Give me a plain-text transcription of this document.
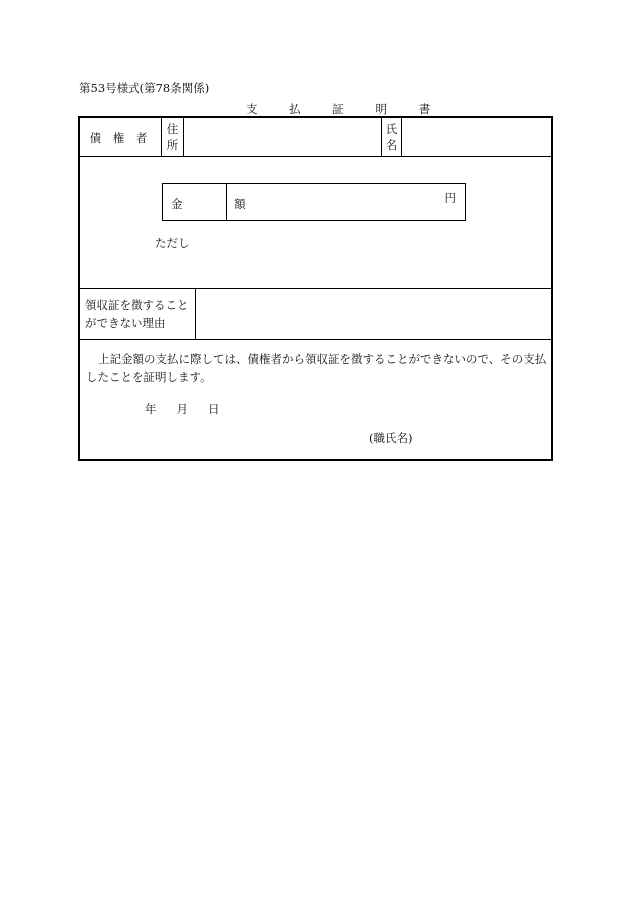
第53号様式(第78条関係)
支 払 証 明 書
債 権 者
住所
氏名
金 額	円
ただし
領収証を徴することができない理由
上記金額の支払に際しては、債権者から領収証を徴することができないので、その支払したことを証明します。
年 月 日
(職氏名)
